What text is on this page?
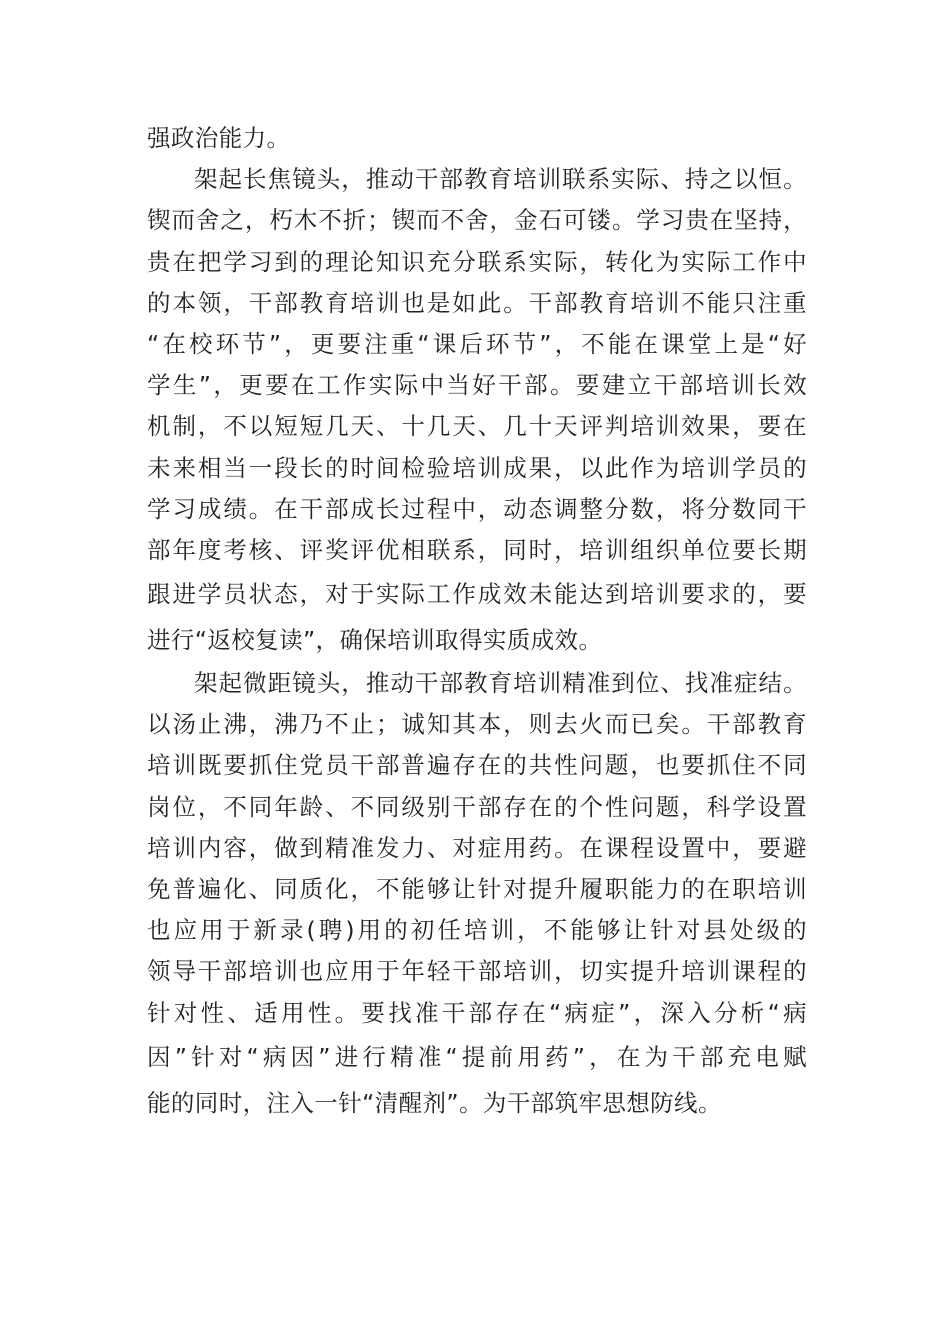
强政治能力。
架起长焦镜头，推动干部教育培训联系实际、持之以恒。
锲而舍之，朽木不折；锲而不舍，金石可镂。学习贵在坚持，
贵在把学习到的理论知识充分联系实际，转化为实际工作中
的本领，干部教育培训也是如此。干部教育培训不能只注重
“在校环节”，更要注重“课后环节”，不能在课堂上是“好
学生”，更要在工作实际中当好干部。要建立干部培训长效
机制，不以短短几天、十几天、几十天评判培训效果，要在
未来相当一段长的时间检验培训成果，以此作为培训学员的
学习成绩。在干部成长过程中，动态调整分数，将分数同干
部年度考核、评奖评优相联系，同时，培训组织单位要长期
跟进学员状态，对于实际工作成效未能达到培训要求的，要
进行“返校复读”，确保培训取得实质成效。
架起微距镜头，推动干部教育培训精准到位、找准症结。
以汤止沸，沸乃不止；诚知其本，则去火而已矣。干部教育
培训既要抓住党员干部普遍存在的共性问题，也要抓住不同
岗位，不同年龄、不同级别干部存在的个性问题，科学设置
培训内容，做到精准发力、对症用药。在课程设置中，要避
免普遍化、同质化，不能够让针对提升履职能力的在职培训
也应用于新录(聘)用的初任培训，不能够让针对县处级的
领导干部培训也应用于年轻干部培训，切实提升培训课程的
针对性、适用性。要找准干部存在“病症”，深入分析“病
因”针对“病因”进行精准“提前用药”，在为干部充电赋
能的同时，注入一针“清醒剂”。为干部筑牢思想防线。
